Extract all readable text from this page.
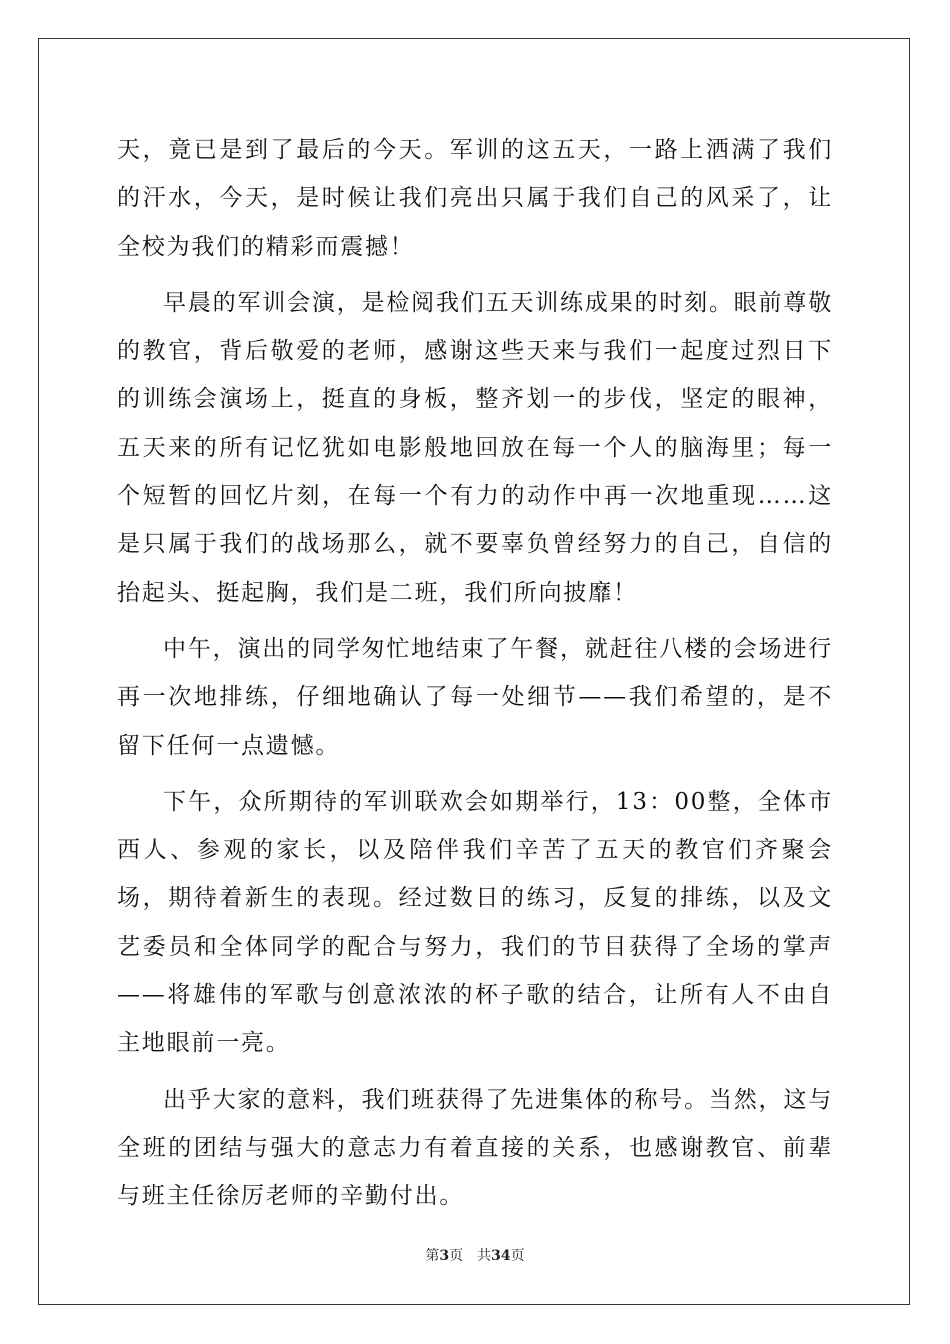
天，竟已是到了最后的今天。军训的这五天，一路上洒满了我们的汗水，今天，是时候让我们亮出只属于我们自己的风采了，让全校为我们的精彩而震撼！

早晨的军训会演，是检阅我们五天训练成果的时刻。眼前尊敬的教官，背后敬爱的老师，感谢这些天来与我们一起度过烈日下的训练会演场上，挺直的身板，整齐划一的步伐，坚定的眼神，五天来的所有记忆犹如电影般地回放在每一个人的脑海里；每一个短暂的回忆片刻，在每一个有力的动作中再一次地重现……这是只属于我们的战场那么，就不要辜负曾经努力的自己，自信的抬起头、挺起胸，我们是二班，我们所向披靡！

中午，演出的同学匆忙地结束了午餐，就赶往八楼的会场进行再一次地排练，仔细地确认了每一处细节——我们希望的，是不留下任何一点遗憾。

下午，众所期待的军训联欢会如期举行，13：00整，全体市西人、参观的家长，以及陪伴我们辛苦了五天的教官们齐聚会场，期待着新生的表现。经过数日的练习，反复的排练，以及文艺委员和全体同学的配合与努力，我们的节目获得了全场的掌声——将雄伟的军歌与创意浓浓的杯子歌的结合，让所有人不由自主地眼前一亮。

出乎大家的意料，我们班获得了先进集体的称号。当然，这与全班的团结与强大的意志力有着直接的关系，也感谢教官、前辈与班主任徐厉老师的辛勤付出。

第3页 共34页
